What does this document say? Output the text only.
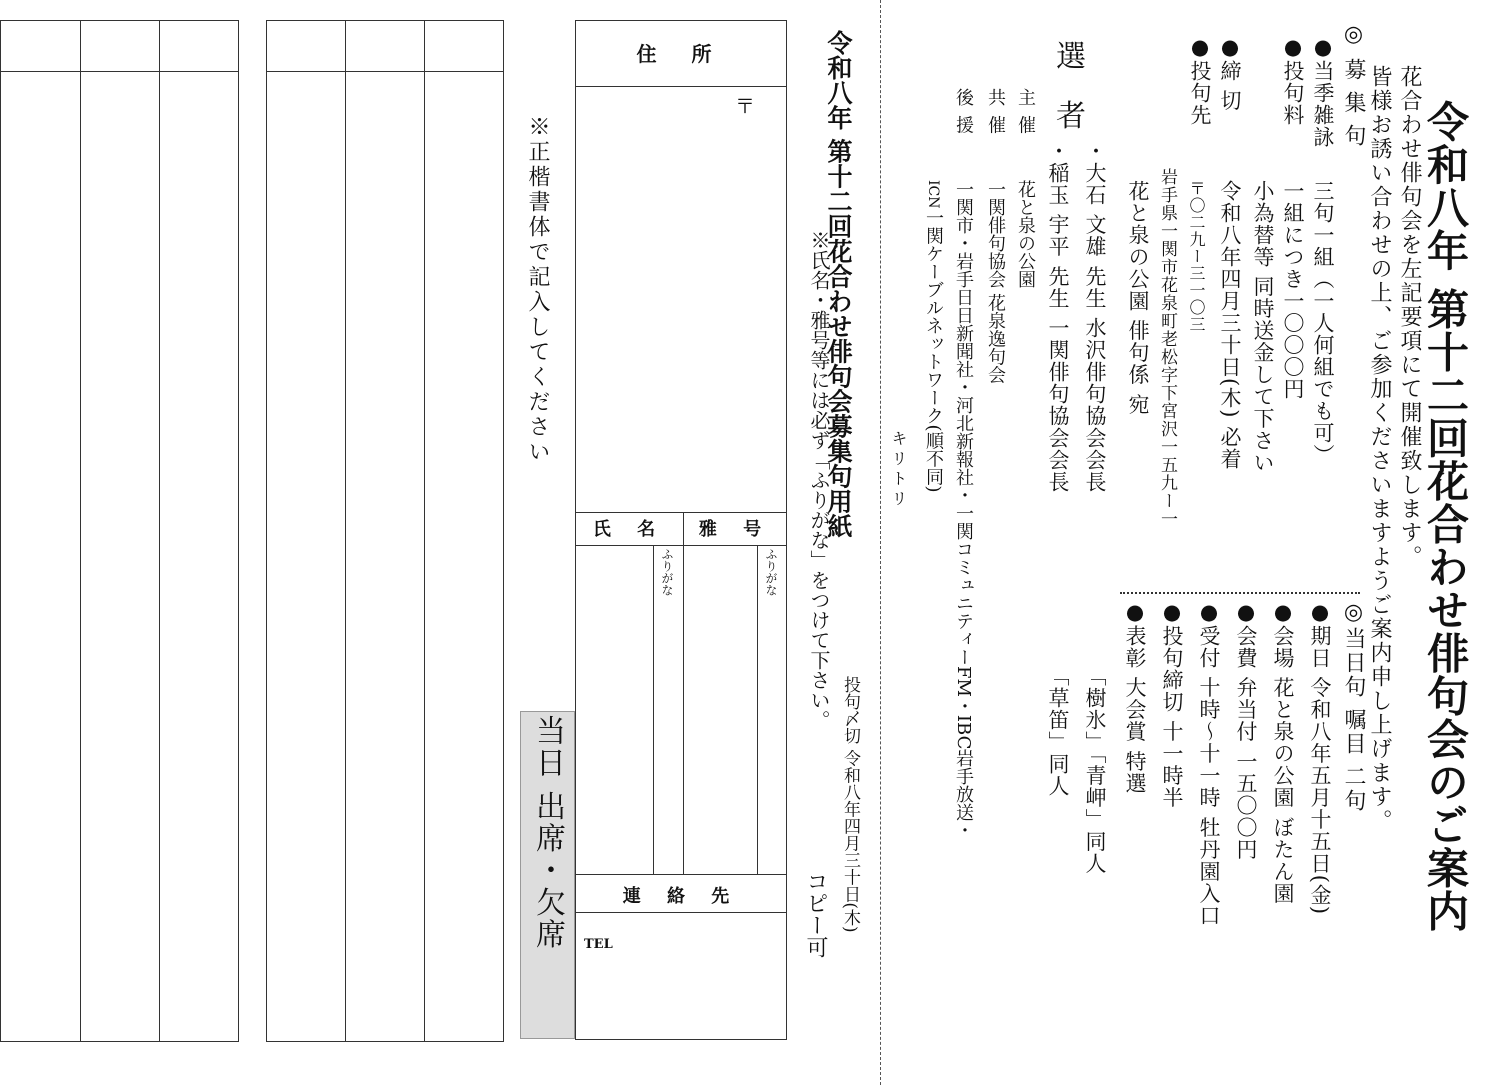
令和八年 第十二回花合わせ俳句会のご案内
花合わせ俳句会を左記要項にて開催致します。
皆様お誘い合わせの上、ご参加くださいますようご案内申し上げます。
◎ 募 集 句
●当季雑詠
三句一組（一人何組でも可）
●投句料
一組につき一〇〇〇円
小為替等 同時送金して下さい
●締 切
令和八年四月三十日(木) 必着
●投句先
〒〇二九ー三一〇三
岩手県一関市花泉町老松字下宮沢一五九ー一
花と泉の公園 俳句係 宛
◎当日句 嘱目 二句
●期日 令和八年五月十五日(金)
●会場 花と泉の公園 ぼたん園
●会費 弁当付 一五〇〇円
●受付 十時〜十一時 牡丹園入口
●投句締切 十一時半
●表彰 大会賞 特選
選 者
・大石 文雄 先生 水沢俳句協会会長
「樹氷」「青岬」同人
・稲玉 宇平 先生 一関俳句協会会長
「草笛」同人
主 催
花と泉の公園
共 催
一関俳句協会 花泉逸句会
後 援
一関市・岩手日日新聞社・河北新報社・一関コミュニティーFM・IBC岩手放送・
ICN一関ケーブルネットワーク(順不同)
キリトリ
令和八年 第十二回花合わせ俳句会募集句用紙
※氏名・雅号等には必ず「ふりがな」をつけて下さい。
投句〆切 令和八年四月三十日(木)
コピー可
住 所
〒
氏 名	雅 号
ふりがな	ふりがな
連 絡 先
TEL
当日 出席・欠席
※正楷書体で記入してください
